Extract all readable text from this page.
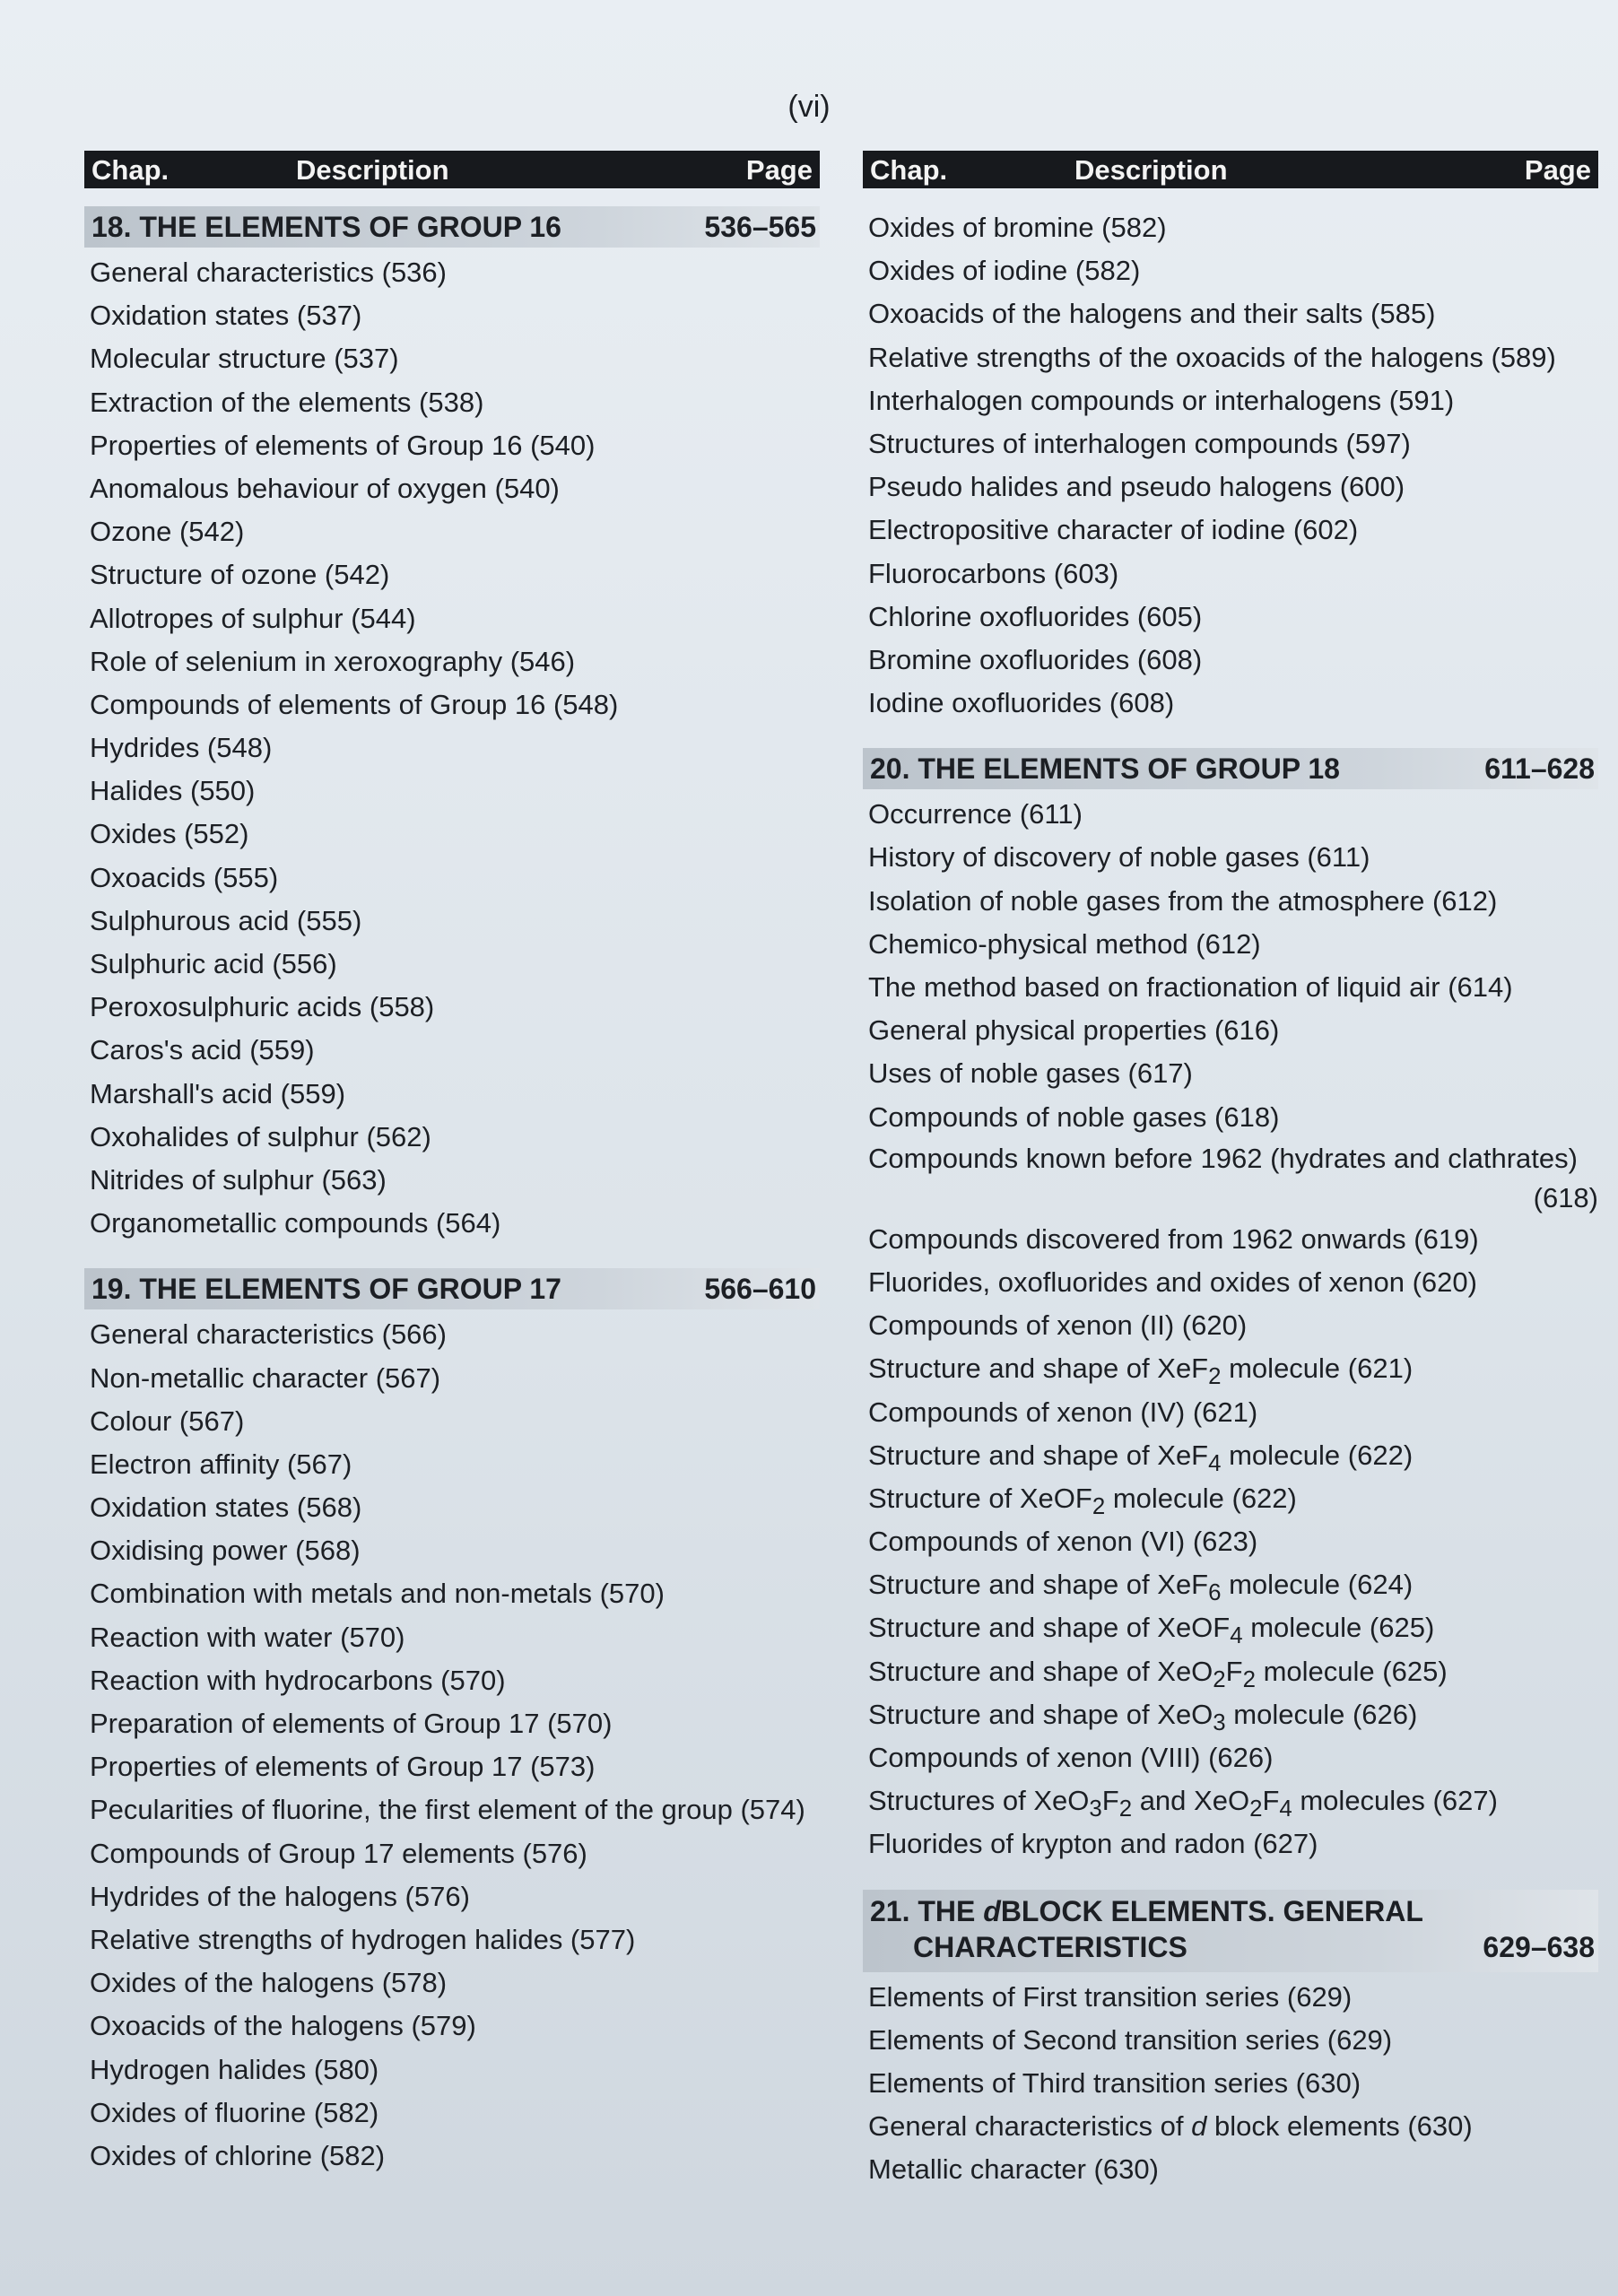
(vi)
Chap.	Description	Page
18. THE ELEMENTS OF GROUP 16	536–565
General characteristics (536)
Oxidation states (537)
Molecular structure (537)
Extraction of the elements (538)
Properties of elements of Group 16 (540)
Anomalous behaviour of oxygen (540)
Ozone (542)
Structure of ozone (542)
Allotropes of sulphur (544)
Role of selenium in xeroxography (546)
Compounds of elements of Group 16 (548)
Hydrides (548)
Halides (550)
Oxides (552)
Oxoacids (555)
Sulphurous acid (555)
Sulphuric acid (556)
Peroxosulphuric acids (558)
Caros's acid (559)
Marshall's acid (559)
Oxohalides of sulphur (562)
Nitrides of sulphur (563)
Organometallic compounds (564)
19. THE ELEMENTS OF GROUP 17	566–610
General characteristics (566)
Non-metallic character (567)
Colour (567)
Electron affinity (567)
Oxidation states (568)
Oxidising power (568)
Combination with metals and non-metals (570)
Reaction with water (570)
Reaction with hydrocarbons (570)
Preparation of elements of Group 17 (570)
Properties of elements of Group 17 (573)
Pecularities of fluorine, the first element of the group (574)
Compounds of Group 17 elements (576)
Hydrides of the halogens (576)
Relative strengths of hydrogen halides (577)
Oxides of the halogens (578)
Oxoacids of the halogens (579)
Hydrogen halides (580)
Oxides of fluorine (582)
Oxides of chlorine (582)
Chap.	Description	Page
Oxides of bromine (582)
Oxides of iodine (582)
Oxoacids of the halogens and their salts (585)
Relative strengths of the oxoacids of the halogens (589)
Interhalogen compounds or interhalogens (591)
Structures of interhalogen compounds (597)
Pseudo halides and pseudo halogens (600)
Electropositive character of iodine (602)
Fluorocarbons (603)
Chlorine oxofluorides (605)
Bromine oxofluorides (608)
Iodine oxofluorides (608)
20. THE ELEMENTS OF GROUP 18	611–628
Occurrence (611)
History of discovery of noble gases (611)
Isolation of noble gases from the atmosphere (612)
Chemico-physical method (612)
The method based on fractionation of liquid air (614)
General physical properties (616)
Uses of noble gases (617)
Compounds of noble gases (618)
Compounds known before 1962 (hydrates and clathrates)
(618)
Compounds discovered from 1962 onwards (619)
Fluorides, oxofluorides and oxides of xenon (620)
Compounds of xenon (II) (620)
Structure and shape of XeF$_2$ molecule (621)
Compounds of xenon (IV) (621)
Structure and shape of XeF$_4$ molecule (622)
Structure of XeOF$_2$ molecule (622)
Compounds of xenon (VI) (623)
Structure and shape of XeF$_6$ molecule (624)
Structure and shape of XeOF$_4$ molecule (625)
Structure and shape of $XeO_2F_2$ molecule (625)
Structure and shape of XeO$_3$ molecule (626)
Compounds of xenon (VIII) (626)
Structures of $XeO_3F_2$ and $XeO_2F_4$ molecules (627)
Fluorides of krypton and radon (627)
21. THE dBLOCK ELEMENTS. GENERAL
CHARACTERISTICS	629–638
Elements of First transition series (629)
Elements of Second transition series (629)
Elements of Third transition series (630)
General characteristics of d block elements (630)
Metallic character (630)
